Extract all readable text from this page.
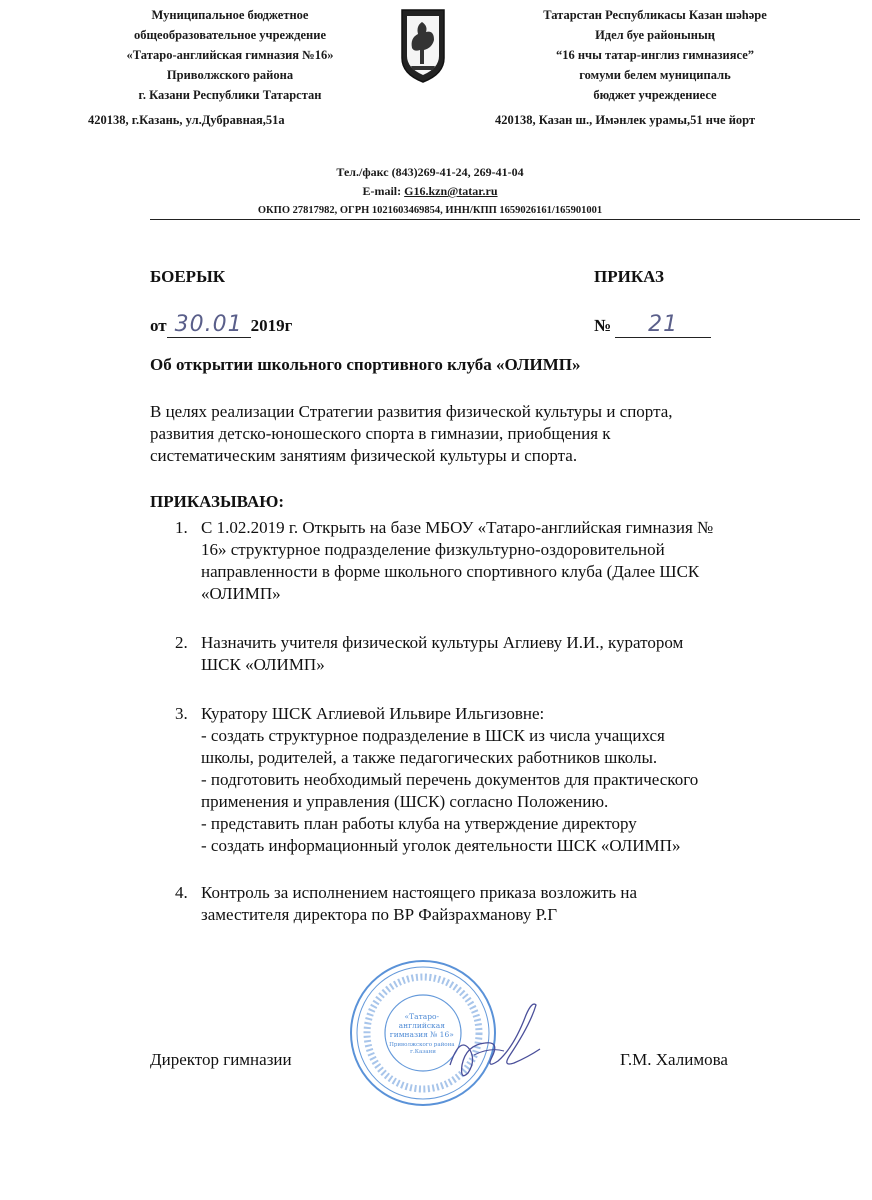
Муниципальное бюджетное
общеобразовательное учреждение
«Татаро-английская гимназия №16»
Приволжского района
г. Казани Республики Татарстан
Татарстан Республикасы Казан шәһәре
Идел буе районының
“16 нчы татар-инглиз гимназиясе”
гомуми белем муниципаль
бюджет учреждениесе
420138, г.Казань, ул.Дубравная,51а	420138, Казан ш., Имәнлек урамы,51 нче йорт
Тел./факс (843)269-41-24, 269-41-04
E-mail: G16.kzn@tatar.ru
ОКПО 27817982, ОГРН 1021603469854, ИНН/КПП 1659026161/165901001
БОЕРЫК	ПРИКАЗ
от 30.01 2019г	№ 21
Об открытии школьного спортивного клуба «ОЛИМП»
В целях реализации Стратегии развития физической культуры и спорта,
развития детско-юношеского спорта в гимназии, приобщения к
систематическим занятиям физической культуры и спорта.
ПРИКАЗЫВАЮ:
1. С 1.02.2019 г. Открыть на базе МБОУ «Татаро-английская гимназия №
16» структурное подразделение физкультурно-оздоровительной
направленности в форме школьного спортивного клуба (Далее ШСК
«ОЛИМП»
2. Назначить учителя физической культуры Аглиеву И.И., куратором
ШСК «ОЛИМП»
3. Куратору ШСК Аглиевой Ильвире Ильгизовне:
- создать структурное подразделение в ШСК из числа учащихся
школы, родителей, а также педагогических работников школы.
- подготовить необходимый перечень документов для практического
применения и управления (ШСК) согласно Положению.
- представить план работы клуба на утверждение директору
- создать информационный уголок деятельности ШСК «ОЛИМП»
4. Контроль за исполнением настоящего приказа возложить на
заместителя директора по ВР Файзрахманову Р.Г
«Татаро- английская гимназия № 16» Приволжского района г.Казани
Директор гимназии	Г.М. Халимова
